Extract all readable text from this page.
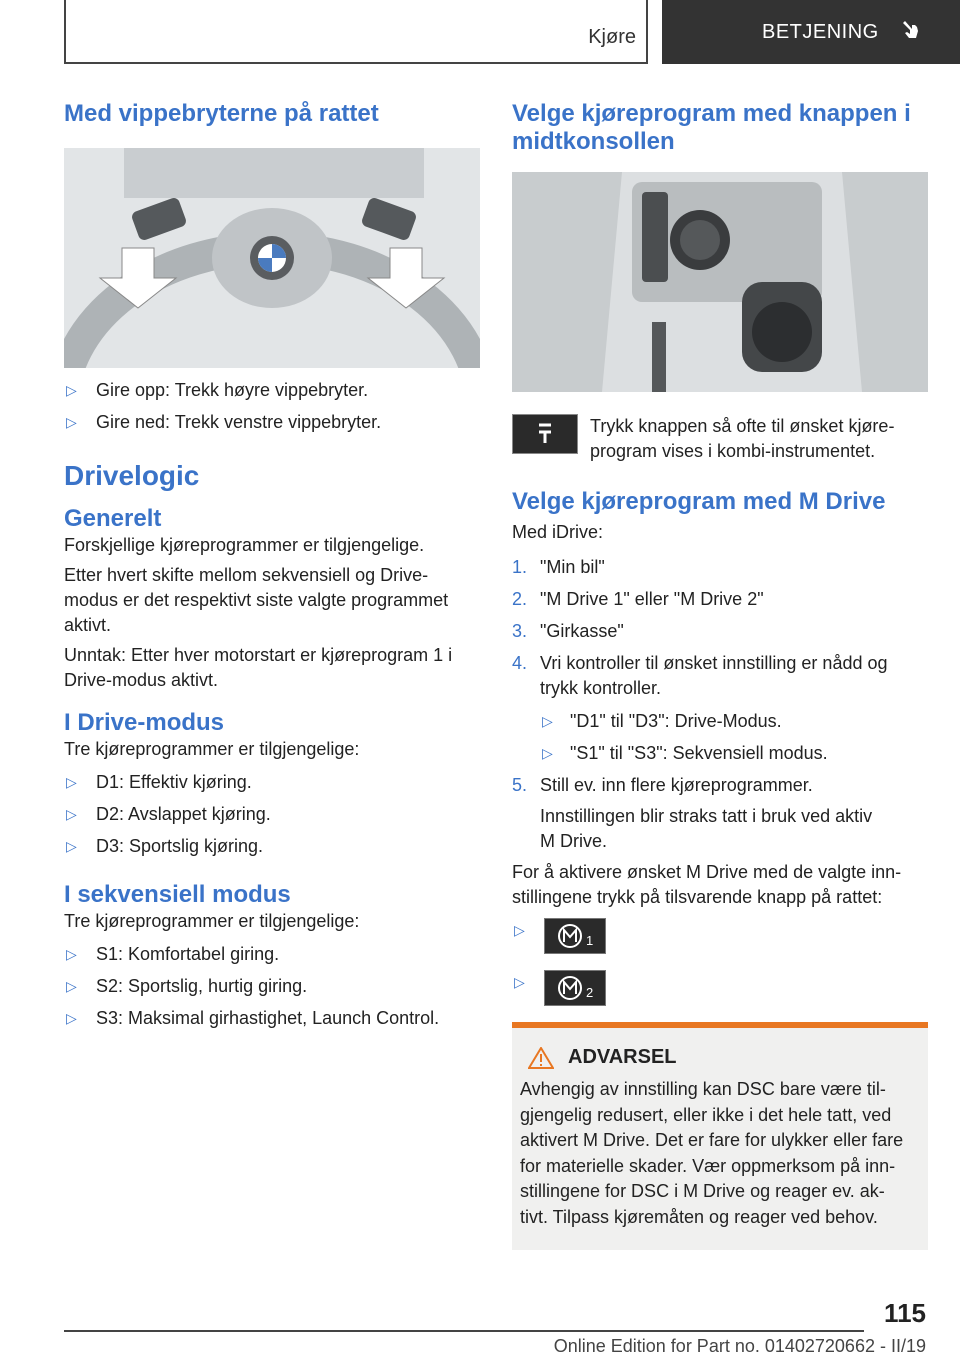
Kjøre	BETJENING
Med vippebryterne på rattet
▷	Gire opp: Trekk høyre vippebryter.
▷	Gire ned: Trekk venstre vippebryter.
Drivelogic
Generelt

Forskjellige kjøreprogrammer er tilgjengelige.

Etter hvert skifte mellom sekvensiell og Drive-
modus er det respektivt siste valgte programmet
aktivt.

Unntak: Etter hver motorstart er kjøreprogram 1 i
Drive-modus aktivt.

I Drive-modus

Tre kjøreprogrammer er tilgjengelige:

▷	D1: Effektiv kjøring.
▷	D2: Avslappet kjøring.
▷	D3: Sportslig kjøring.
I sekvensiell modus

Tre kjøreprogrammer er tilgjengelige:

▷	S1: Komfortabel giring.
▷	S2: Sportslig, hurtig giring.
▷	S3: Maksimal girhastighet, Launch Control.
Velge kjøreprogram med knappen i
midtkonsollen

Trykk knappen så ofte til ønsket kjøre-
program vises i kombi-instrumentet.

Velge kjøreprogram med M Drive

Med iDrive:

1. "Min bil"
2. "M Drive 1" eller "M Drive 2"
3. "Girkasse"
4. Vri kontroller til ønsket innstilling er nådd og
trykk kontroller.
▷ "D1" til "D3": Drive-Modus.
▷ "S1" til "S3": Sekvensiell modus.
5. Still ev. inn flere kjøreprogrammer.

Innstillingen blir straks tatt i bruk ved aktiv
M Drive.

For å aktivere ønsket M Drive med de valgte inn-
stillingene trykk på tilsvarende knapp på rattet:

▷
1
▷
2
ADVARSEL

Avhengig av innstilling kan DSC bare være til-
gjengelig redusert, eller ikke i det hele tatt, ved
aktivert M Drive. Det er fare for ulykker eller fare
for materielle skader. Vær oppmerksom på inn-
stillingene for DSC i M Drive og reager ev. ak-
tivt. Tilpass kjøremåten og reager ved behov.

115
Online Edition for Part no. 01402720662 - II/19
